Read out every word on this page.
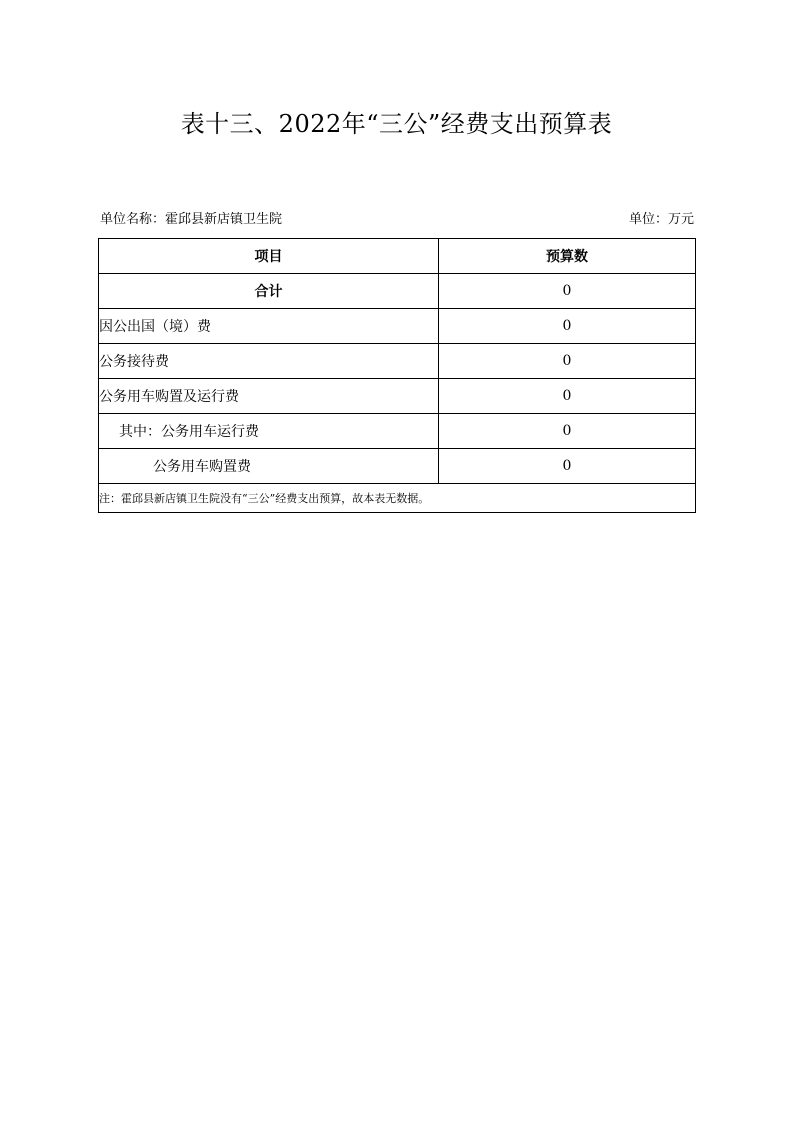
表十三、2022年“三公”经费支出预算表
单位名称：霍邱县新店镇卫生院	单位：万元
项目	预算数
合计	0
因公出国（境）费	0
公务接待费	0
公务用车购置及运行费	0
其中：公务用车运行费	0
公务用车购置费	0
注：霍邱县新店镇卫生院没有“三公”经费支出预算，故本表无数据。	
